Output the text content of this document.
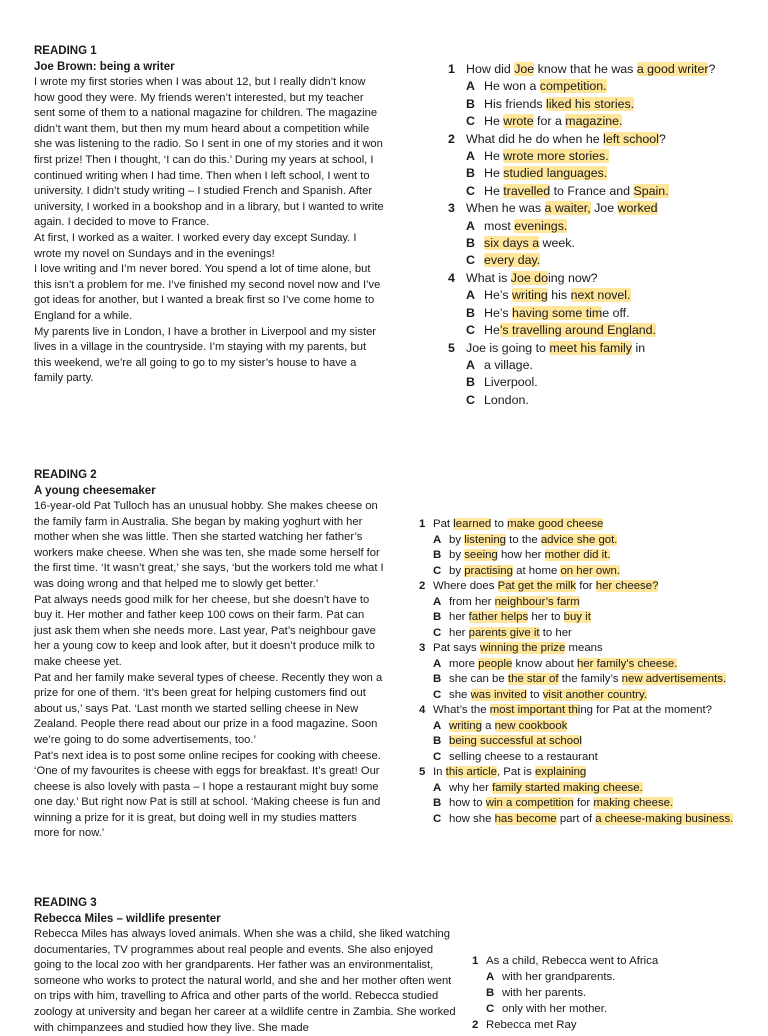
READING 1
Joe Brown: being a writer

I wrote my first stories when I was about 12, but I really didn’t know how good they were. My friends weren’t interested, but my teacher sent some of them to a national magazine for children. The magazine didn’t want them, but then my mum heard about a competition while she was listening to the radio. So I sent in one of my stories and it won first prize! Then I thought, ‘I can do this.’ During my years at school, I continued writing when I had time. Then when I left school, I went to university. I didn’t study writing – I studied French and Spanish. After university, I worked in a bookshop and in a library, but I wanted to write again. I decided to move to France.

At first, I worked as a waiter. I worked every day except Sunday. I wrote my novel on Sundays and in the evenings!

I love writing and I’m never bored. You spend a lot of time alone, but this isn’t a problem for me. I’ve finished my second novel now and I’ve got ideas for another, but I wanted a break first so I’ve come home to England for a while.

My parents live in London, I have a brother in Liverpool and my sister lives in a village in the countryside. I’m staying with my parents, but this weekend, we’re all going to go to my sister’s house to have a family party.

1 How did Joe know that he was a good writer?
A He won a competition.
B His friends liked his stories.
C He wrote for a magazine.
2 What did he do when he left school?
A He wrote more stories.
B He studied languages.
C He travelled to France and Spain.
3 When he was a waiter, Joe worked
A most evenings.
B six days a week.
C every day.
4 What is Joe doing now?
A He’s writing his next novel.
B He’s having some time off.
C He’s travelling around England.
5 Joe is going to meet his family in
A a village.
B Liverpool.
C London.
READING 2
A young cheesemaker

16-year-old Pat Tulloch has an unusual hobby. She makes cheese on the family farm in Australia. She began by making yoghurt with her mother when she was little. Then she started watching her father’s workers make cheese. When she was ten, she made some herself for the first time. ‘It wasn’t great,’ she says, ‘but the workers told me what I was doing wrong and that helped me to slowly get better.’

Pat always needs good milk for her cheese, but she doesn’t have to buy it. Her mother and father keep 100 cows on their farm. Pat can just ask them when she needs more. Last year, Pat’s neighbour gave her a young cow to keep and look after, but it doesn’t produce milk to make cheese yet.

Pat and her family make several types of cheese. Recently they won a prize for one of them. ‘It’s been great for helping customers find out about us,’ says Pat. ‘Last month we started selling cheese in New Zealand. People there read about our prize in a food magazine. Soon we’re going to do some advertisements, too.’

Pat’s next idea is to post some online recipes for cooking with cheese. ‘One of my favourites is cheese with eggs for breakfast. It’s great! Our cheese is also lovely with pasta – I hope a restaurant might buy some one day.’ But right now Pat is still at school. ‘Making cheese is fun and winning a prize for it is great, but doing well in my studies matters more for now.’

1 Pat learned to make good cheese
A by listening to the advice she got.
B by seeing how her mother did it.
C by practising at home on her own.
2 Where does Pat get the milk for her cheese?
A from her neighbour’s farm
B her father helps her to buy it
C her parents give it to her
3 Pat says winning the prize means
A more people know about her family’s cheese.
B she can be the star of the family’s new advertisements.
C she was invited to visit another country.
4 What’s the most important thing for Pat at the moment?
A writing a new cookbook
B being successful at school
C selling cheese to a restaurant
5 In this article, Pat is explaining
A why her family started making cheese.
B how to win a competition for making cheese.
C how she has become part of a cheese-making business.
READING 3
Rebecca Miles – wildlife presenter

Rebecca Miles has always loved animals. When she was a child, she liked watching documentaries, TV programmes about real people and events. She also enjoyed going to the local zoo with her grandparents. Her father was an environmentalist, someone who works to protect the natural world, and she and her mother often went on trips with him, travelling to Africa and other parts of the world. Rebecca studied zoology at university and began her career at a wildlife centre in Zambia. She worked with chimpanzees and studied how they live. She made

1 As a child, Rebecca went to Africa
A with her grandparents.
B with her parents.
C only with her mother.
2 Rebecca met Ray
